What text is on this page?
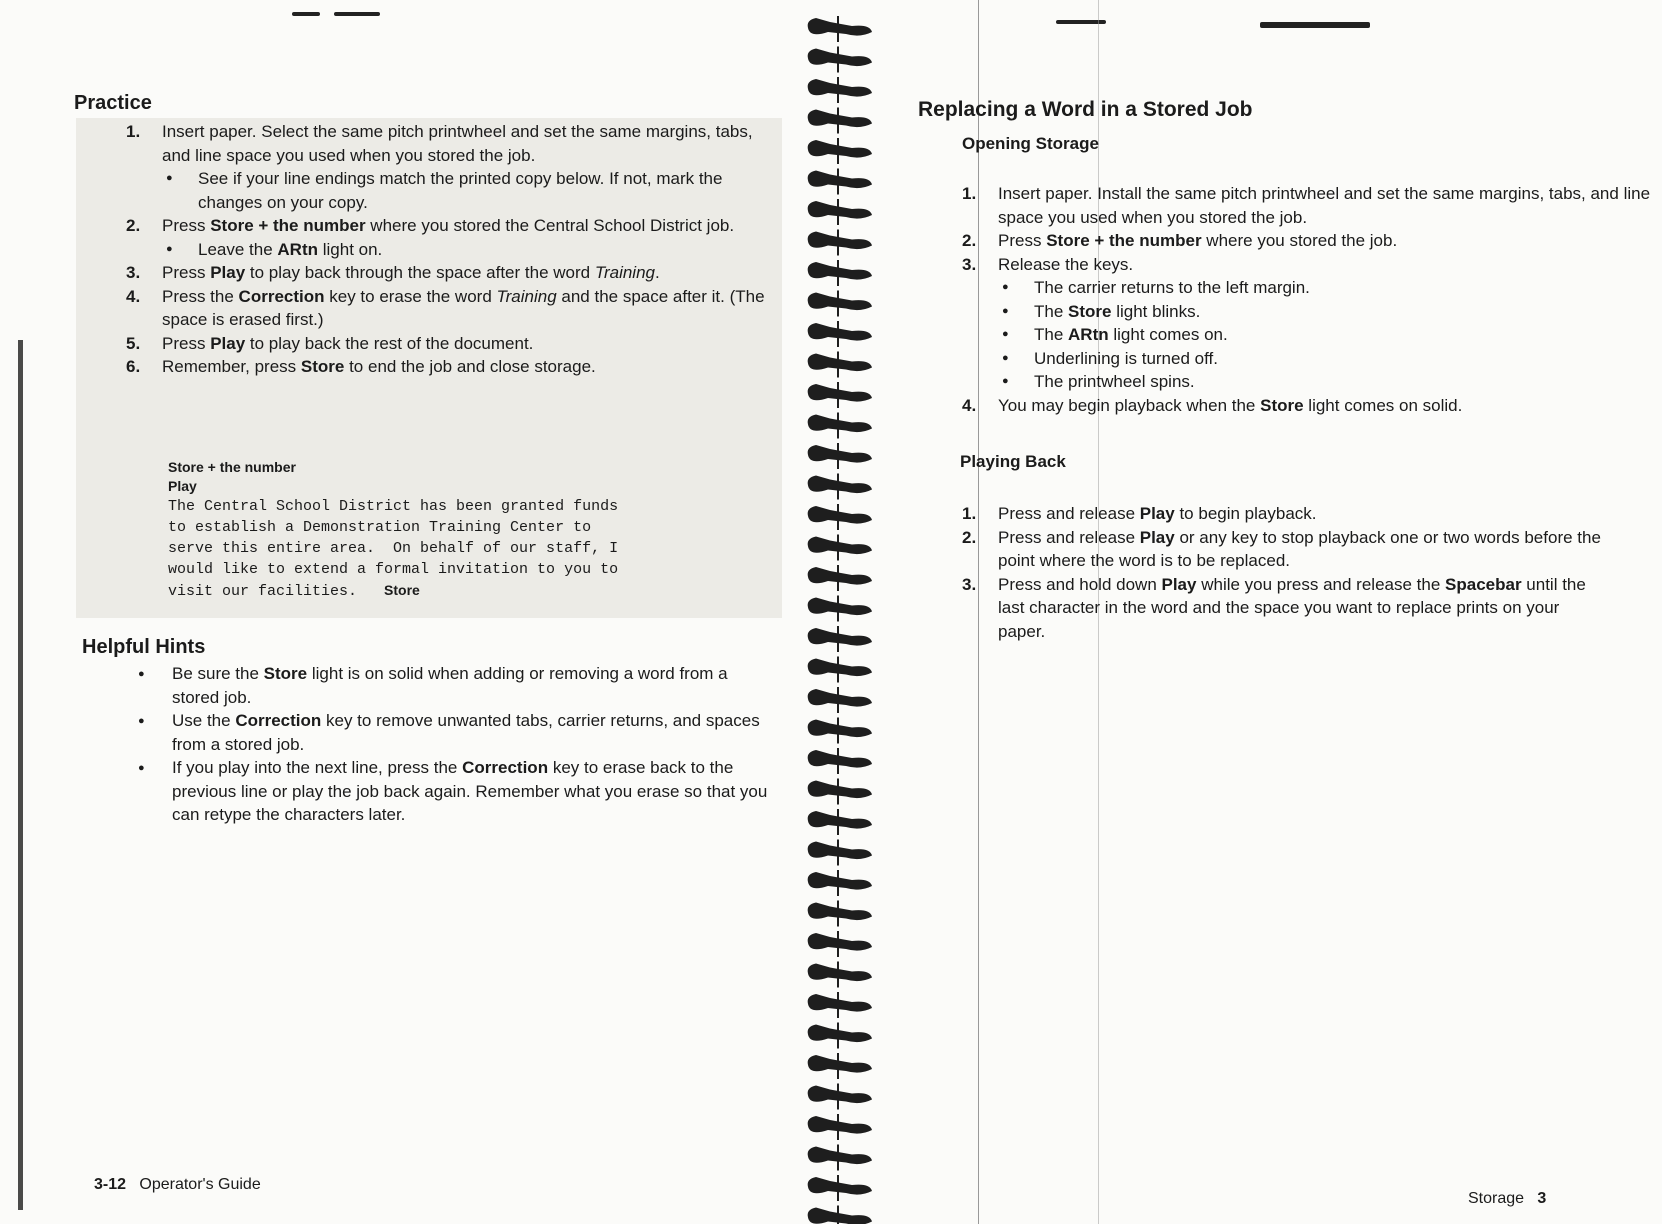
Practice
1. Insert paper. Select the same pitch printwheel and set the same margins, tabs, and line space you used when you stored the job.
● See if your line endings match the printed copy below. If not, mark the changes on your copy.
2. Press Store + the number where you stored the Central School District job.
● Leave the ARtn light on.
3. Press Play to play back through the space after the word Training.
4. Press the Correction key to erase the word Training and the space after it. (The space is erased first.)
5. Press Play to play back the rest of the document.
6. Remember, press Store to end the job and close storage.
Store + the number
Play
The Central School District has been granted funds
to establish a Demonstration Training Center to
serve this entire area.  On behalf of our staff, I
would like to extend a formal invitation to you to
visit our facilities. Store
Helpful Hints
● Be sure the Store light is on solid when adding or removing a word from a stored job.
● Use the Correction key to remove unwanted tabs, carrier returns, and spaces from a stored job.
● If you play into the next line, press the Correction key to erase back to the previous line or play the job back again. Remember what you erase so that you can retype the characters later.
3-12 Operator's Guide
Replacing a Word in a Stored Job
Opening Storage
1. Insert paper. Install the same pitch printwheel and set the same margins, tabs, and line space you used when you stored the job.
2. Press Store + the number where you stored the job.
3. Release the keys.
● The carrier returns to the left margin.
● The Store light blinks.
● The ARtn light comes on.
● Underlining is turned off.
● The printwheel spins.
4. You may begin playback when the Store light comes on solid.
Playing Back
1. Press and release Play to begin playback.
2. Press and release Play or any key to stop playback one or two words before the point where the word is to be replaced.
3. Press and hold down Play while you press and release the Spacebar until the last character in the word and the space you want to replace prints on your paper.
Storage 3
